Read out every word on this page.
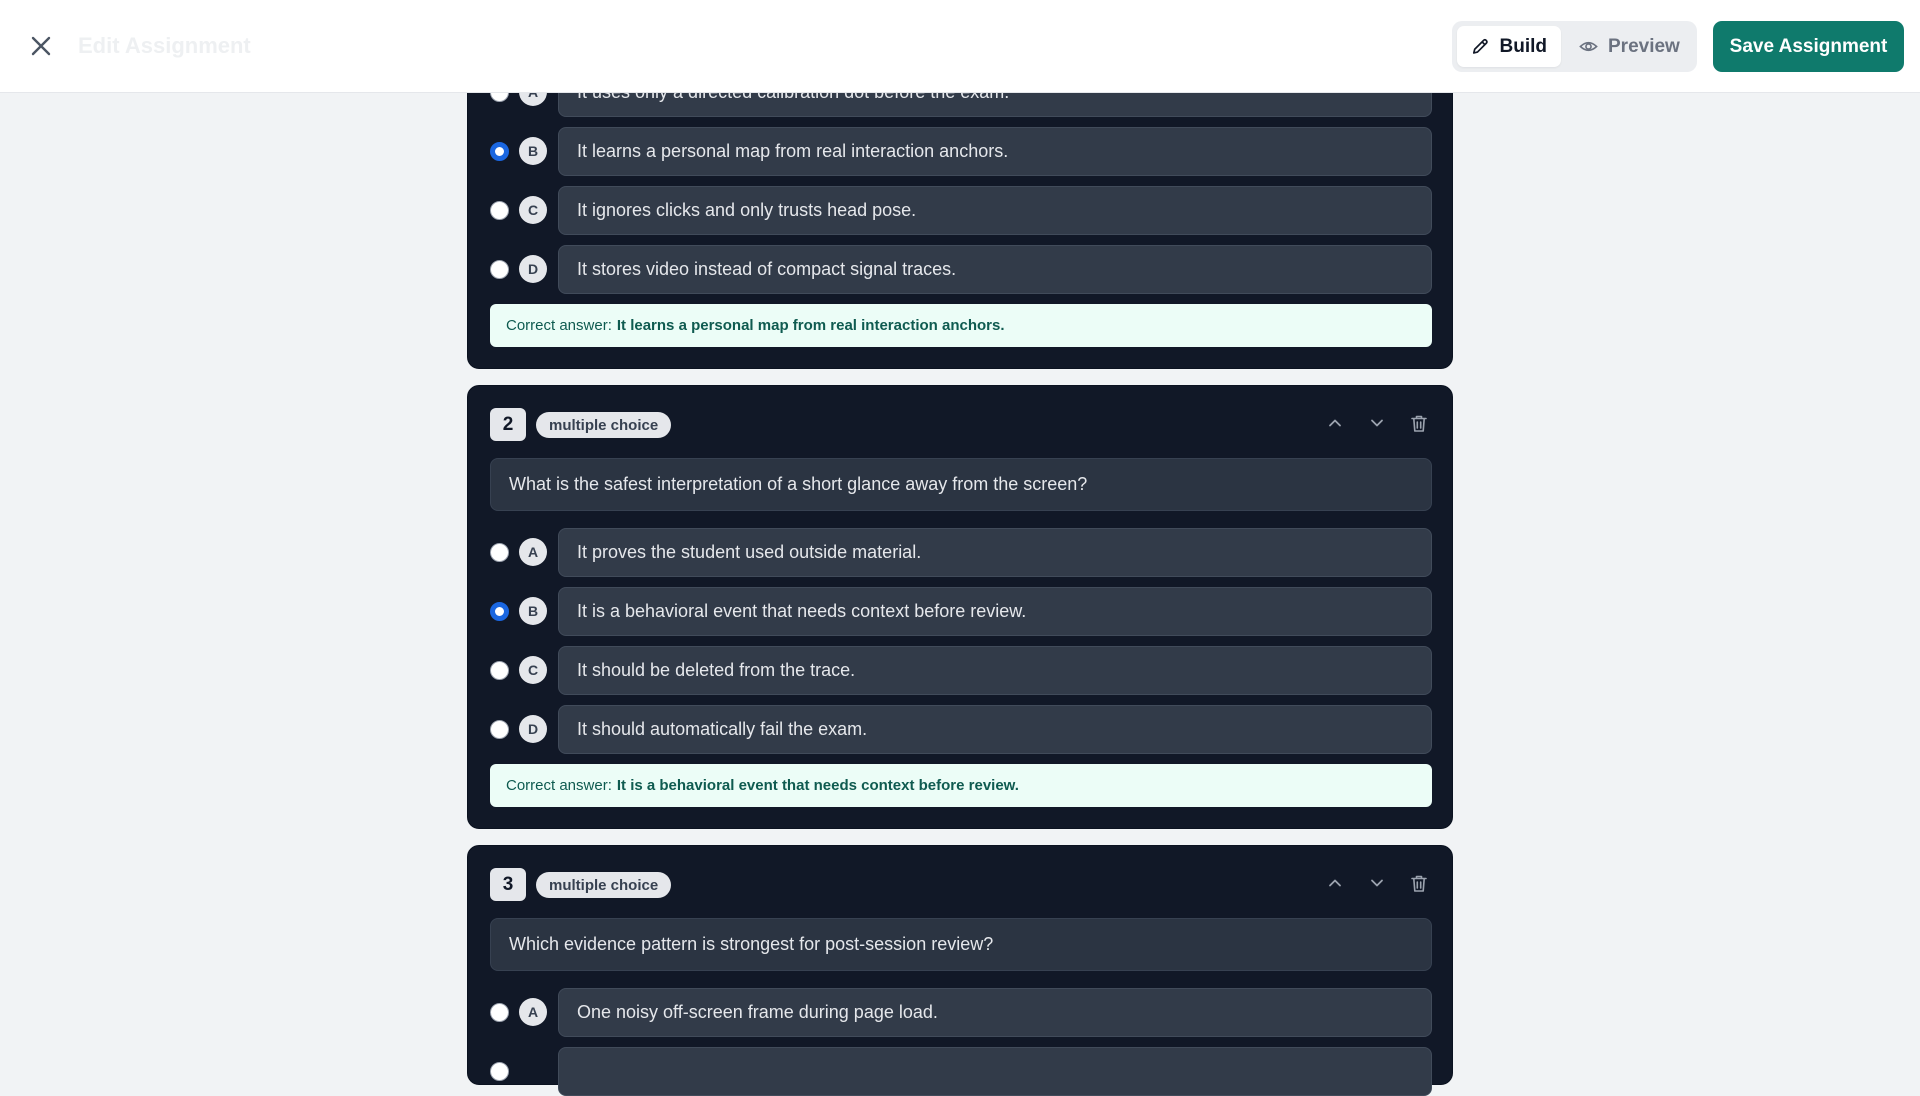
Edit Assignment	Build	Preview	Save Assignment
B	It learns a personal map from real interaction anchors.
C	It ignores clicks and only trusts head pose.
D	It stores video instead of compact signal traces.
Correct answer: It learns a personal map from real interaction anchors.
2	multiple choice
What is the safest interpretation of a short glance away from the screen?
A	It proves the student used outside material.
B	It is a behavioral event that needs context before review.
C	It should be deleted from the trace.
D	It should automatically fail the exam.
Correct answer: It is a behavioral event that needs context before review.
3	multiple choice
Which evidence pattern is strongest for post-session review?
A	One noisy off-screen frame during page load.
